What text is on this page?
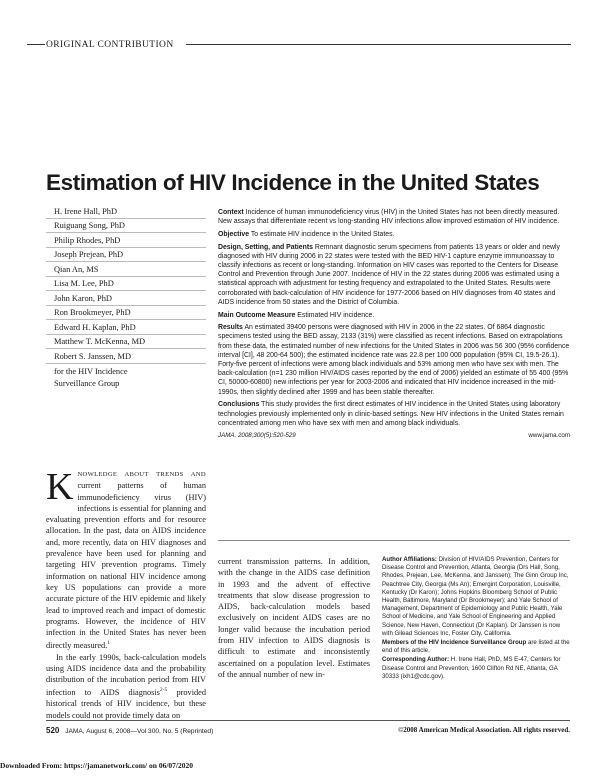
ORIGINAL CONTRIBUTION
Estimation of HIV Incidence in the United States
H. Irene Hall, PhD
Ruiguang Song, PhD
Philip Rhodes, PhD
Joseph Prejean, PhD
Qian An, MS
Lisa M. Lee, PhD
John Karon, PhD
Ron Brookmeyer, PhD
Edward H. Kaplan, PhD
Matthew T. McKenna, MD
Robert S. Janssen, MD
for the HIV Incidence Surveillance Group

Context Incidence of human immunodeficiency virus (HIV) in the United States has not been directly measured. New assays that differentiate recent vs long-standing HIV infections allow improved estimation of HIV incidence.

Objective To estimate HIV incidence in the United States.

Design, Setting, and Patients Remnant diagnostic serum specimens from patients 13 years or older and newly diagnosed with HIV during 2006 in 22 states were tested with the BED HIV-1 capture enzyme immunoassay to classify infections as recent or long-standing. Information on HIV cases was reported to the Centers for Disease Control and Prevention through June 2007. Incidence of HIV in the 22 states during 2006 was estimated using a statistical approach with adjustment for testing frequency and extrapolated to the United States. Results were corroborated with back-calculation of HIV incidence for 1977-2006 based on HIV diagnoses from 40 states and AIDS incidence from 50 states and the District of Columbia.

Main Outcome Measure Estimated HIV incidence.

Results An estimated 39400 persons were diagnosed with HIV in 2006 in the 22 states. Of 6864 diagnostic specimens tested using the BED assay, 2133 (31%) were classified as recent infections. Based on extrapolations from these data, the estimated number of new infections for the United States in 2006 was 56 300 (95% confidence interval [CI], 48 200-64 500); the estimated incidence rate was 22.8 per 100 000 population (95% CI, 19.5-26.1). Forty-five percent of infections were among black individuals and 53% among men who have sex with men. The back-calculation (n=1 230 million HIV/AIDS cases reported by the end of 2006) yielded an estimate of 55 400 (95% CI, 50000-60800) new infections per year for 2003-2006 and indicated that HIV incidence increased in the mid-1990s, then slightly declined after 1999 and has been stable thereafter.

Conclusions This study provides the first direct estimates of HIV incidence in the United States using laboratory technologies previously implemented only in clinic-based settings. New HIV infections in the United States remain concentrated among men who have sex with men and among black individuals.

JAMA. 2008;300(5):520-529	www.jama.com

KNOWLEDGE ABOUT TRENDS AND current patterns of human immunodeficiency virus (HIV) infections is essential for planning and evaluating prevention efforts and for resource allocation. In the past, data on AIDS incidence and, more recently, data on HIV diagnoses and prevalence have been used for planning and targeting HIV prevention programs. Timely information on national HIV incidence among key US populations can provide a more accurate picture of the HIV epidemic and likely lead to improved reach and impact of domestic programs. However, the incidence of HIV infection in the United States has never been directly measured.$^1$

In the early 1990s, back-calculation models using AIDS incidence data and the probability distribution of the incubation period from HIV infection to AIDS diagnosis$^{2-5}$ provided historical trends of HIV incidence, but these models could not provide timely data on

current transmission patterns. In addition, with the change in the AIDS case definition in 1993 and the advent of effective treatments that slow disease progression to AIDS, back-calculation models based exclusively on incident AIDS cases are no longer valid because the incubation period from HIV infection to AIDS diagnosis is difficult to estimate and inconsistently ascertained on a population level. Estimates of the annual number of new in-

Author Affiliations: Division of HIV/AIDS Prevention, Centers for Disease Control and Prevention, Atlanta, Georgia (Drs Hall, Song, Rhodes, Prejean, Lee, McKenna, and Janssen); The Ginn Group Inc, Peachtree City, Georgia (Ms An); Emergint Corporation, Louisville, Kentucky (Dr Karon); Johns Hopkins Bloomberg School of Public Health, Baltimore, Maryland (Dr Brookmeyer); and Yale School of Management, Department of Epidemiology and Public Health, Yale School of Medicine, and Yale School of Engineering and Applied Science, New Haven, Connecticut (Dr Kaplan). Dr Janssen is now with Gilead Sciences Inc, Foster City, California.

Members of the HIV Incidence Surveillance Group are listed at the end of this article.

Corresponding Author: H. Irene Hall, PhD, MS E-47, Centers for Disease Control and Prevention, 1600 Clifton Rd NE, Atlanta, GA 30333 (ixh1@cdc.gov).

520 JAMA, August 6, 2008—Vol 300, No. 5 (Reprinted)	©2008 American Medical Association. All rights reserved.
Downloaded From: https://jamanetwork.com/ on 06/07/2020
